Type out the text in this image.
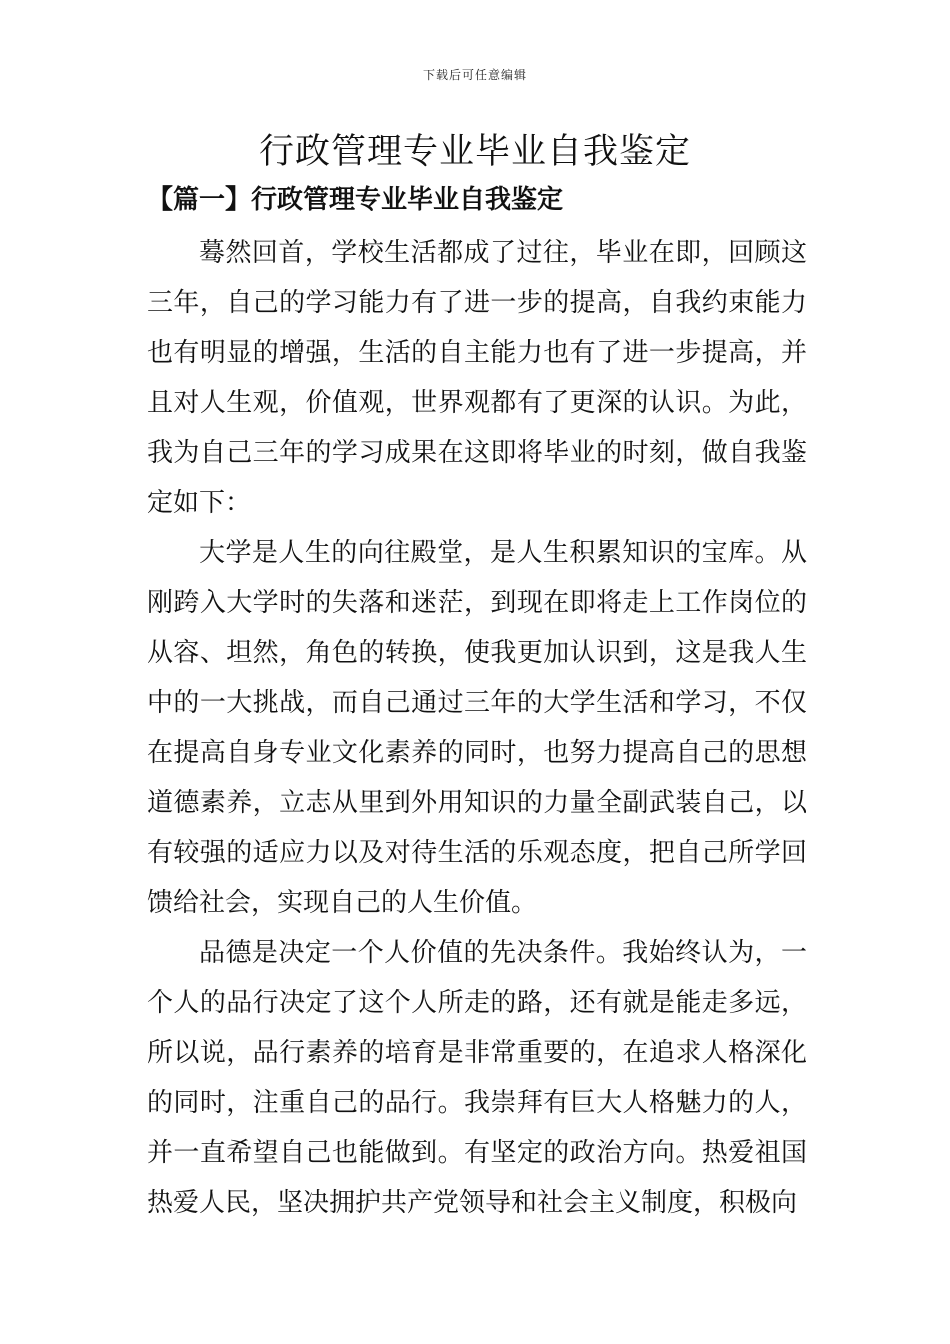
下载后可任意编辑
行政管理专业毕业自我鉴定
【篇一】行政管理专业毕业自我鉴定

蓦然回首，学校生活都成了过往，毕业在即，回顾这三年，自己的学习能力有了进一步的提高，自我约束能力也有明显的增强，生活的自主能力也有了进一步提高，并且对人生观，价值观，世界观都有了更深的认识。为此，我为自己三年的学习成果在这即将毕业的时刻，做自我鉴定如下：

大学是人生的向往殿堂，是人生积累知识的宝库。从刚跨入大学时的失落和迷茫，到现在即将走上工作岗位的从容、坦然，角色的转换，使我更加认识到，这是我人生中的一大挑战，而自己通过三年的大学生活和学习，不仅在提高自身专业文化素养的同时，也努力提高自己的思想道德素养，立志从里到外用知识的力量全副武装自己，以有较强的适应力以及对待生活的乐观态度，把自己所学回馈给社会，实现自己的人生价值。

品德是决定一个人价值的先决条件。我始终认为，一个人的品行决定了这个人所走的路，还有就是能走多远，所以说，品行素养的培育是非常重要的，在追求人格深化的同时，注重自己的品行。我崇拜有巨大人格魅力的人，并一直希望自己也能做到。有坚定的政治方向。热爱祖国热爱人民，坚决拥护共产党领导和社会主义制度，积极向
